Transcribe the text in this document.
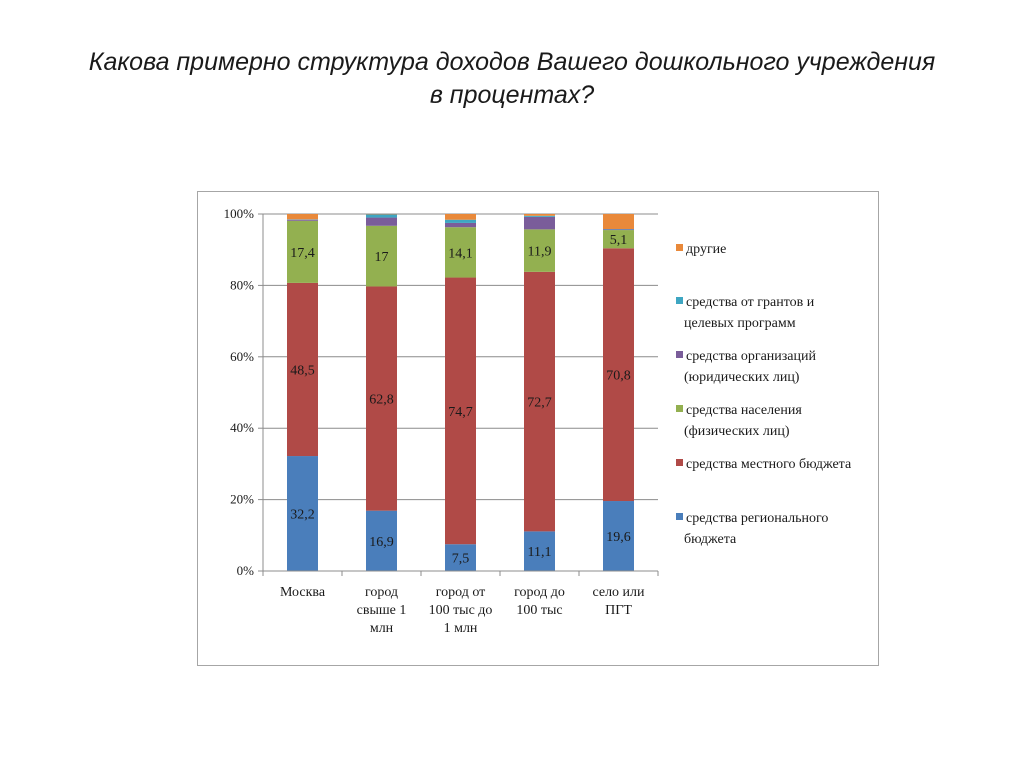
Какова примерно структура доходов Вашего дошкольного учреждения
в процентах?
32,2
48,5
17,4
16,9
62,8
17
7,5
74,7
14,1
11,1
72,7
11,9
19,6
70,8
5,1
0%
20%
40%
60%
80%
100%
Москва	город свыше 1 млн
город от 100 тыс до 1 млн
город до 100 тыс
село или ПГТ
другие
средства от грантов и целевых программ
средства организаций (юридических лиц)
средства населения (физических лиц)
средства местного бюджета
средства регионального бюджета
